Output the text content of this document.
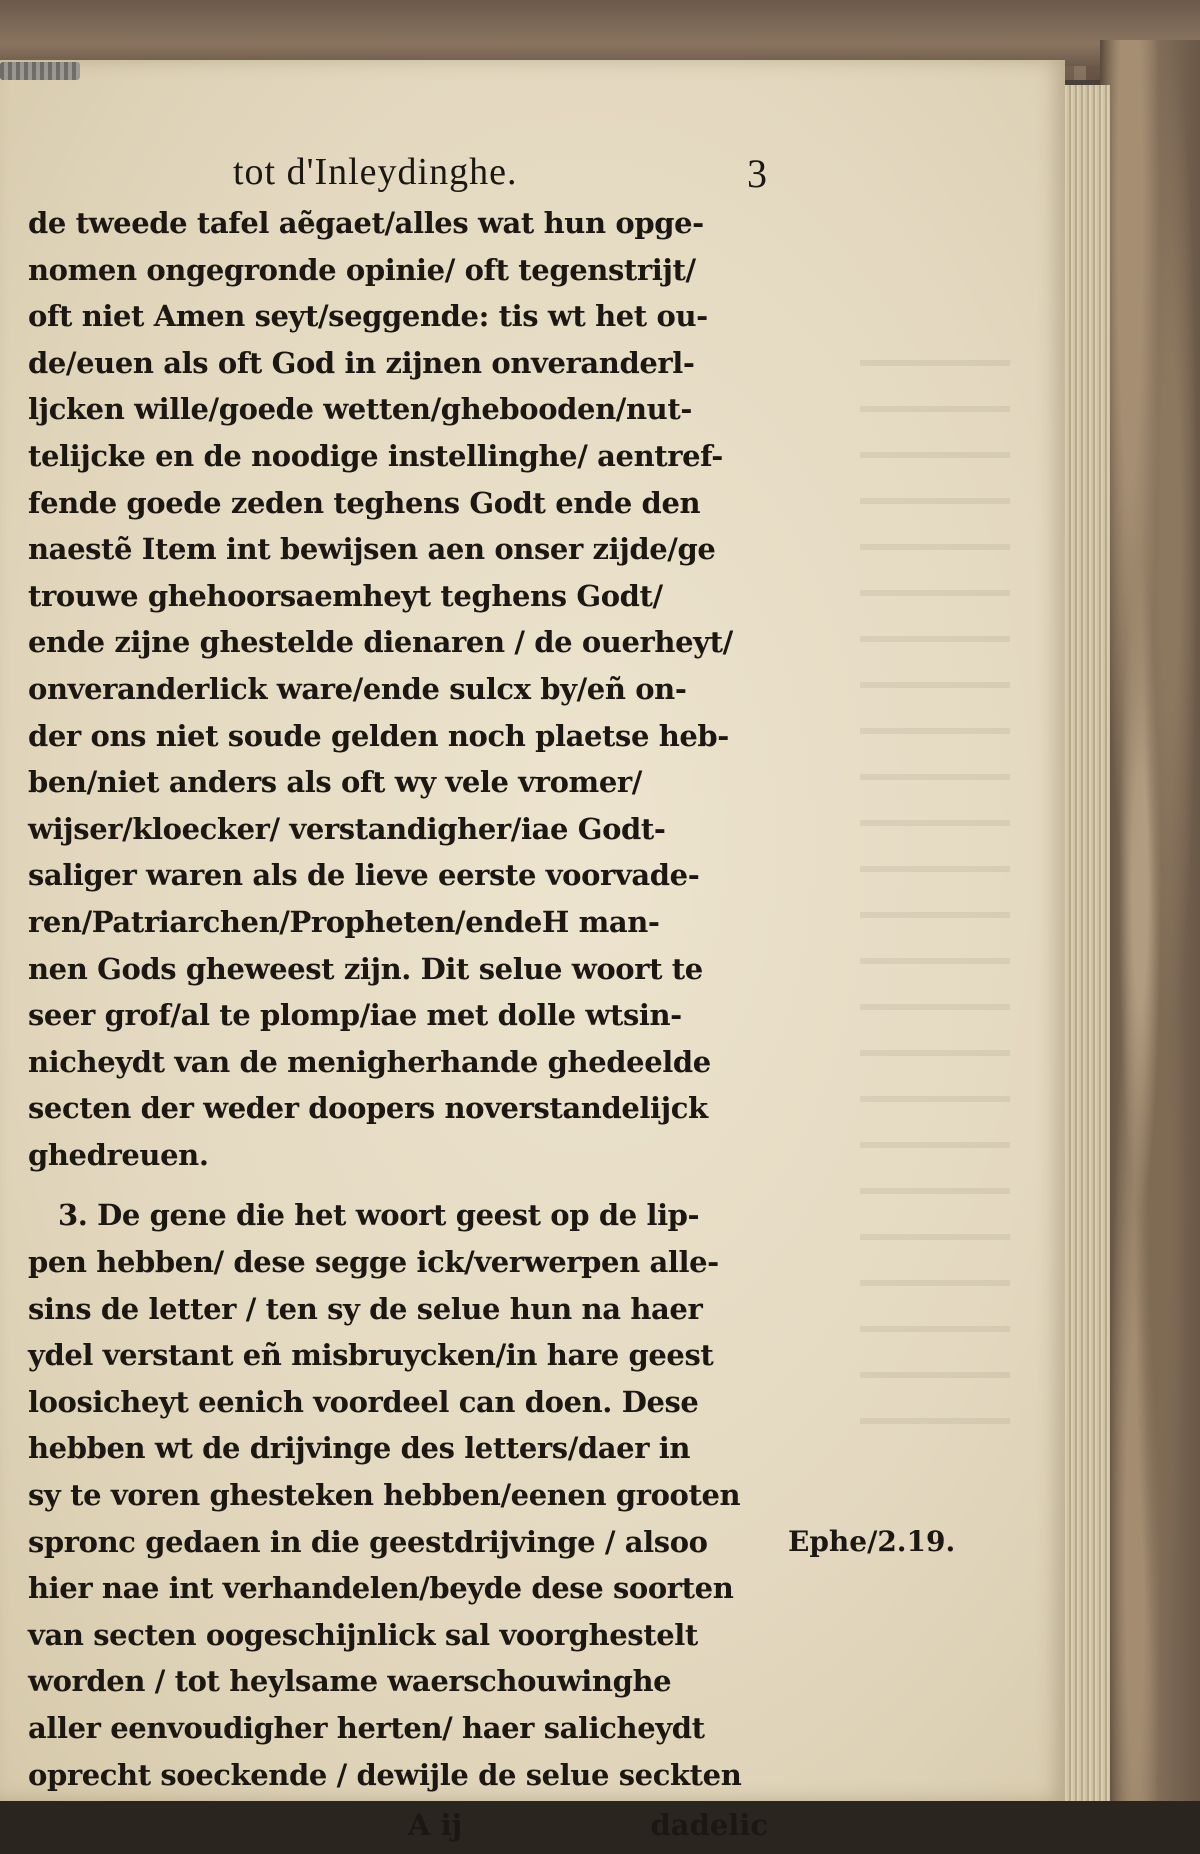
tot d'Inleydinghe.	3
de tweede tafel aẽgaet/alles wat hun opge-
nomen ongegronde opinie/ oft tegenstrijt/
oft niet Amen seyt/seggende: tis wt het ou-
de/euen als oft God in zijnen onveranderl-
ljcken wille/goede wetten/ghebooden/nut-
telijcke en de noodige instellinghe/ aentref-
fende goede zeden teghens Godt ende den
naestẽ Item int bewijsen aen onser zijde/ge
trouwe ghehoorsaemheyt teghens Godt/
ende zijne ghestelde dienaren / de ouerheyt/
onveranderlick ware/ende sulcx by/eñ on-
der ons niet soude gelden noch plaetse heb-
ben/niet anders als oft wy vele vromer/
wijser/kloecker/ verstandigher/iae Godt-
saliger waren als de lieve eerste voorvade-
ren/Patriarchen/Propheten/endeH man-
nen Gods gheweest zijn. Dit selue woort te
seer grof/al te plomp/iae met dolle wtsin-
nicheydt van de menigherhande ghedeelde
secten der weder doopers noverstandelijck
ghedreuen.
3. De gene die het woort geest op de lip-
pen hebben/ dese segge ick/verwerpen alle-
sins de letter / ten sy de selue hun na haer
ydel verstant eñ misbruycken/in hare geest
loosicheyt eenich voordeel can doen. Dese
hebben wt de drijvinge des letters/daer in
sy te voren ghesteken hebben/eenen grooten
spronc gedaen in die geestdrijvinge / alsoo
hier nae int verhandelen/beyde dese soorten
van secten oogeschijnlick sal voorghestelt
worden / tot heylsame waerschouwinghe
aller eenvoudigher herten/ haer salicheydt
oprecht soeckende / dewijle de selue seckten
A ij	dadelic
Ephe/2.19.
